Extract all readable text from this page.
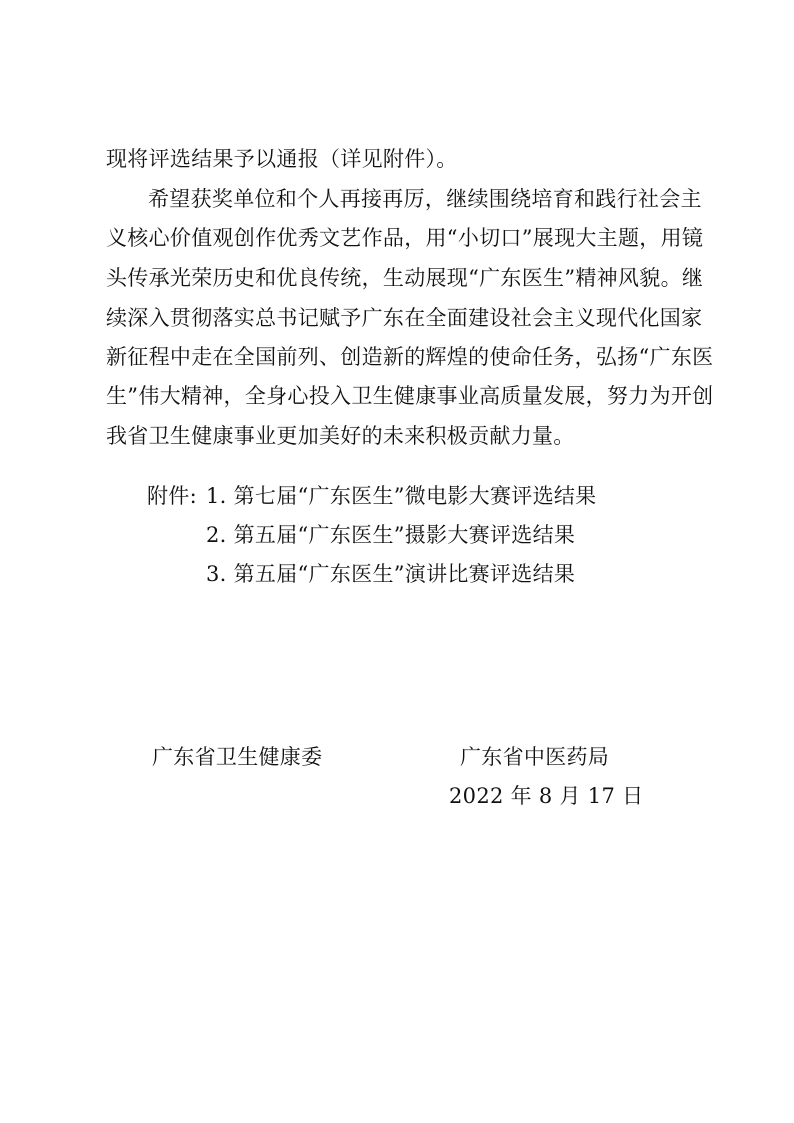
现将评选结果予以通报（详见附件）。
希望获奖单位和个人再接再厉，继续围绕培育和践行社会主
义核心价值观创作优秀文艺作品，用“小切口”展现大主题，用镜
头传承光荣历史和优良传统，生动展现“广东医生”精神风貌。继
续深入贯彻落实总书记赋予广东在全面建设社会主义现代化国家
新征程中走在全国前列、创造新的辉煌的使命任务，弘扬“广东医
生”伟大精神，全身心投入卫生健康事业高质量发展，努力为开创
我省卫生健康事业更加美好的未来积极贡献力量。
附件: 1. 第七届“广东医生”微电影大赛评选结果
2. 第五届“广东医生”摄影大赛评选结果
3. 第五届“广东医生”演讲比赛评选结果
广东省卫生健康委	广东省中医药局
2022 年 8 月 17 日
